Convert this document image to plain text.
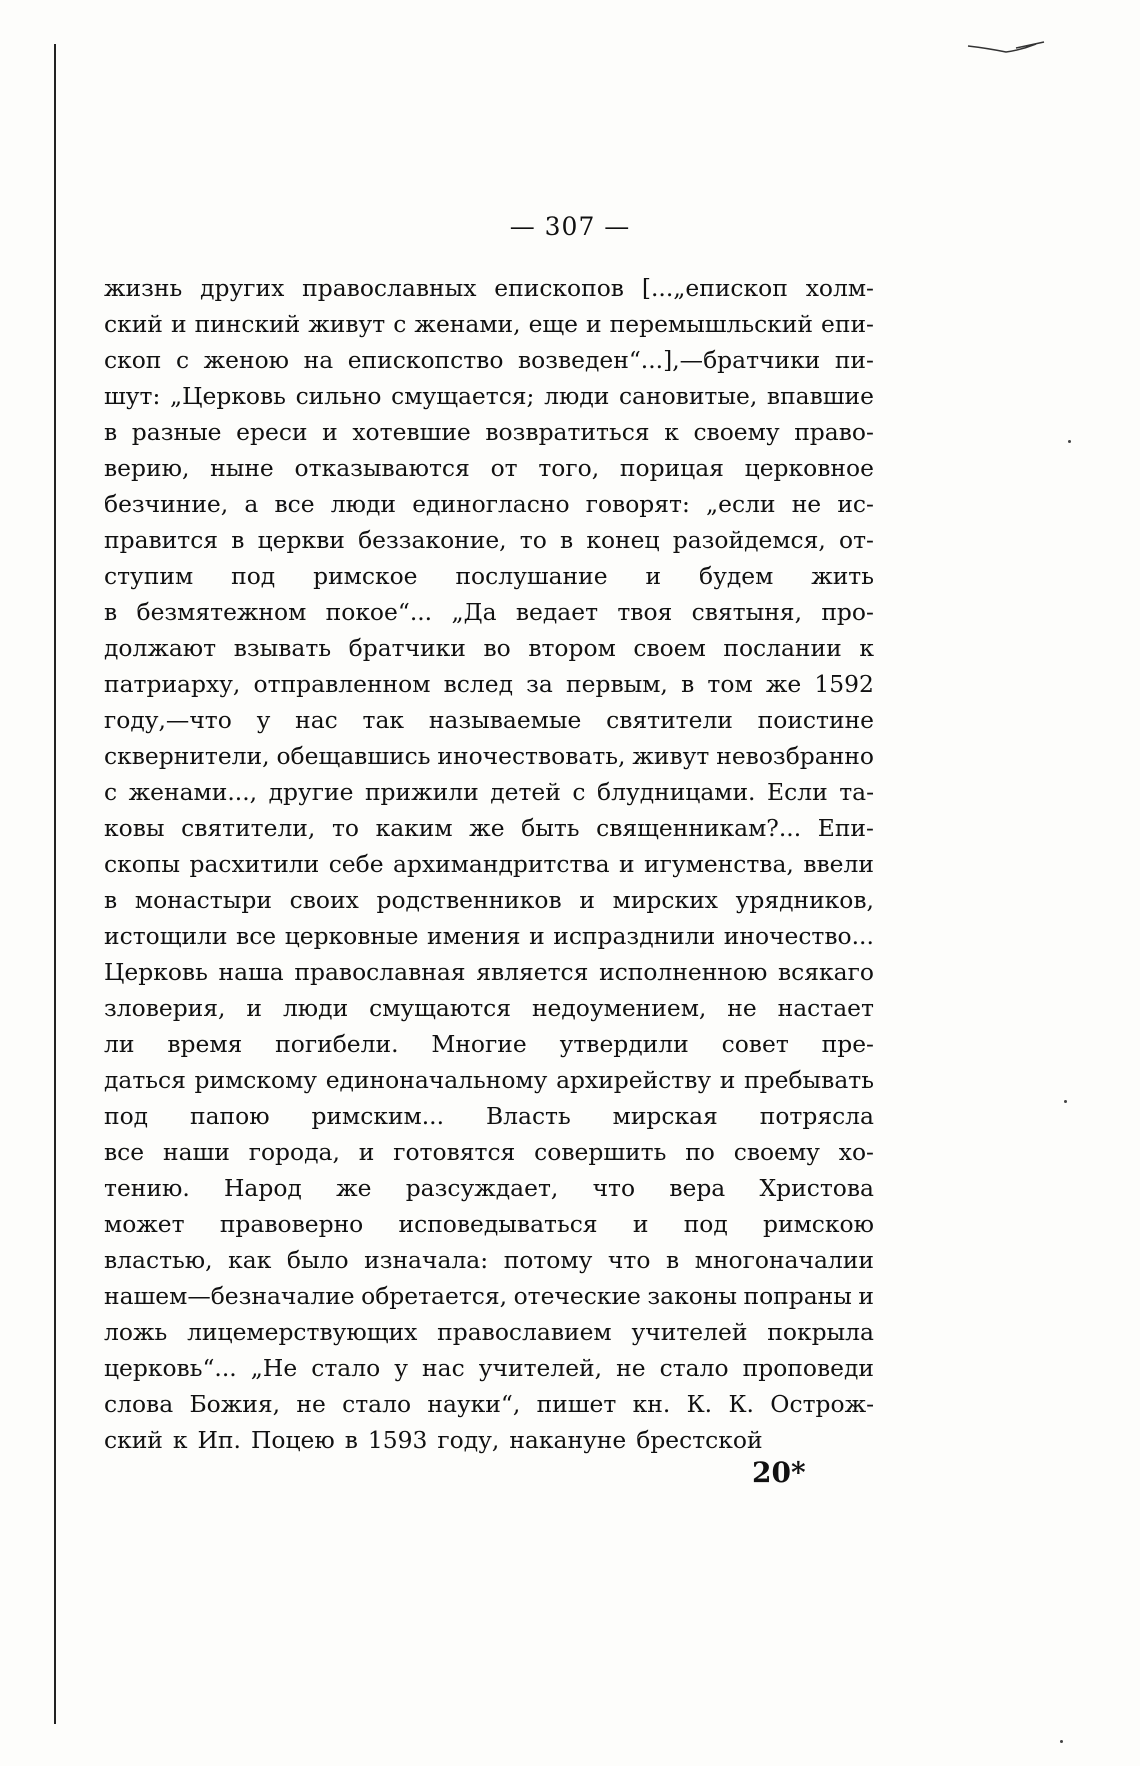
— 307 —
жизнь других православных епископов [...„епископ холм-
ский и пинский живут с женами, еще и перемышльский епи-
скоп с женою на епископство возведен“...],—братчики пи-
шут: „Церковь сильно смущается; люди сановитые, впавшие
в разные ереси и хотевшие возвратиться к своему право-
верию, ныне отказываются от того, порицая церковное
безчиние, а все люди единогласно говорят: „если не ис-
правится в церкви беззаконие, то в конец разойдемся, от-
ступим под римское послушание и будем жить
в безмятежном покое“... „Да ведает твоя святыня, про-
должают взывать братчики во втором своем послании к
патриарху, отправленном вслед за первым, в том же 1592
году,—что у нас так называемые святители поистине
сквернители, обещавшись иночествовать, живут невозбранно
с женами..., другие прижили детей с блудницами. Если та-
ковы святители, то каким же быть священникам?... Епи-
скопы расхитили себе архимандритства и игуменства, ввели
в монастыри своих родственников и мирских урядников,
истощили все церковные имения и испразднили иночество...
Церковь наша православная является исполненною всякаго
зловерия, и люди смущаются недоумением, не настает
ли время погибели. Многие утвердили совет пре-
даться римскому единоначальному архирейству и пребывать
под папою римским... Власть мирская потрясла
все наши города, и готовятся совершить по своему хо-
тению. Народ же разсуждает, что вера Христова
может правоверно исповедываться и под римскою
властью, как было изначала: потому что в многоначалии
нашем—безначалие обретается, отеческие законы попраны и
ложь лицемерствующих православием учителей покрыла
церковь“... „Не стало у нас учителей, не стало проповеди
слова Божия, не стало науки“, пишет кн. К. К. Острож-
ский к Ип. Поцею в 1593 году, накануне брестской
20*
